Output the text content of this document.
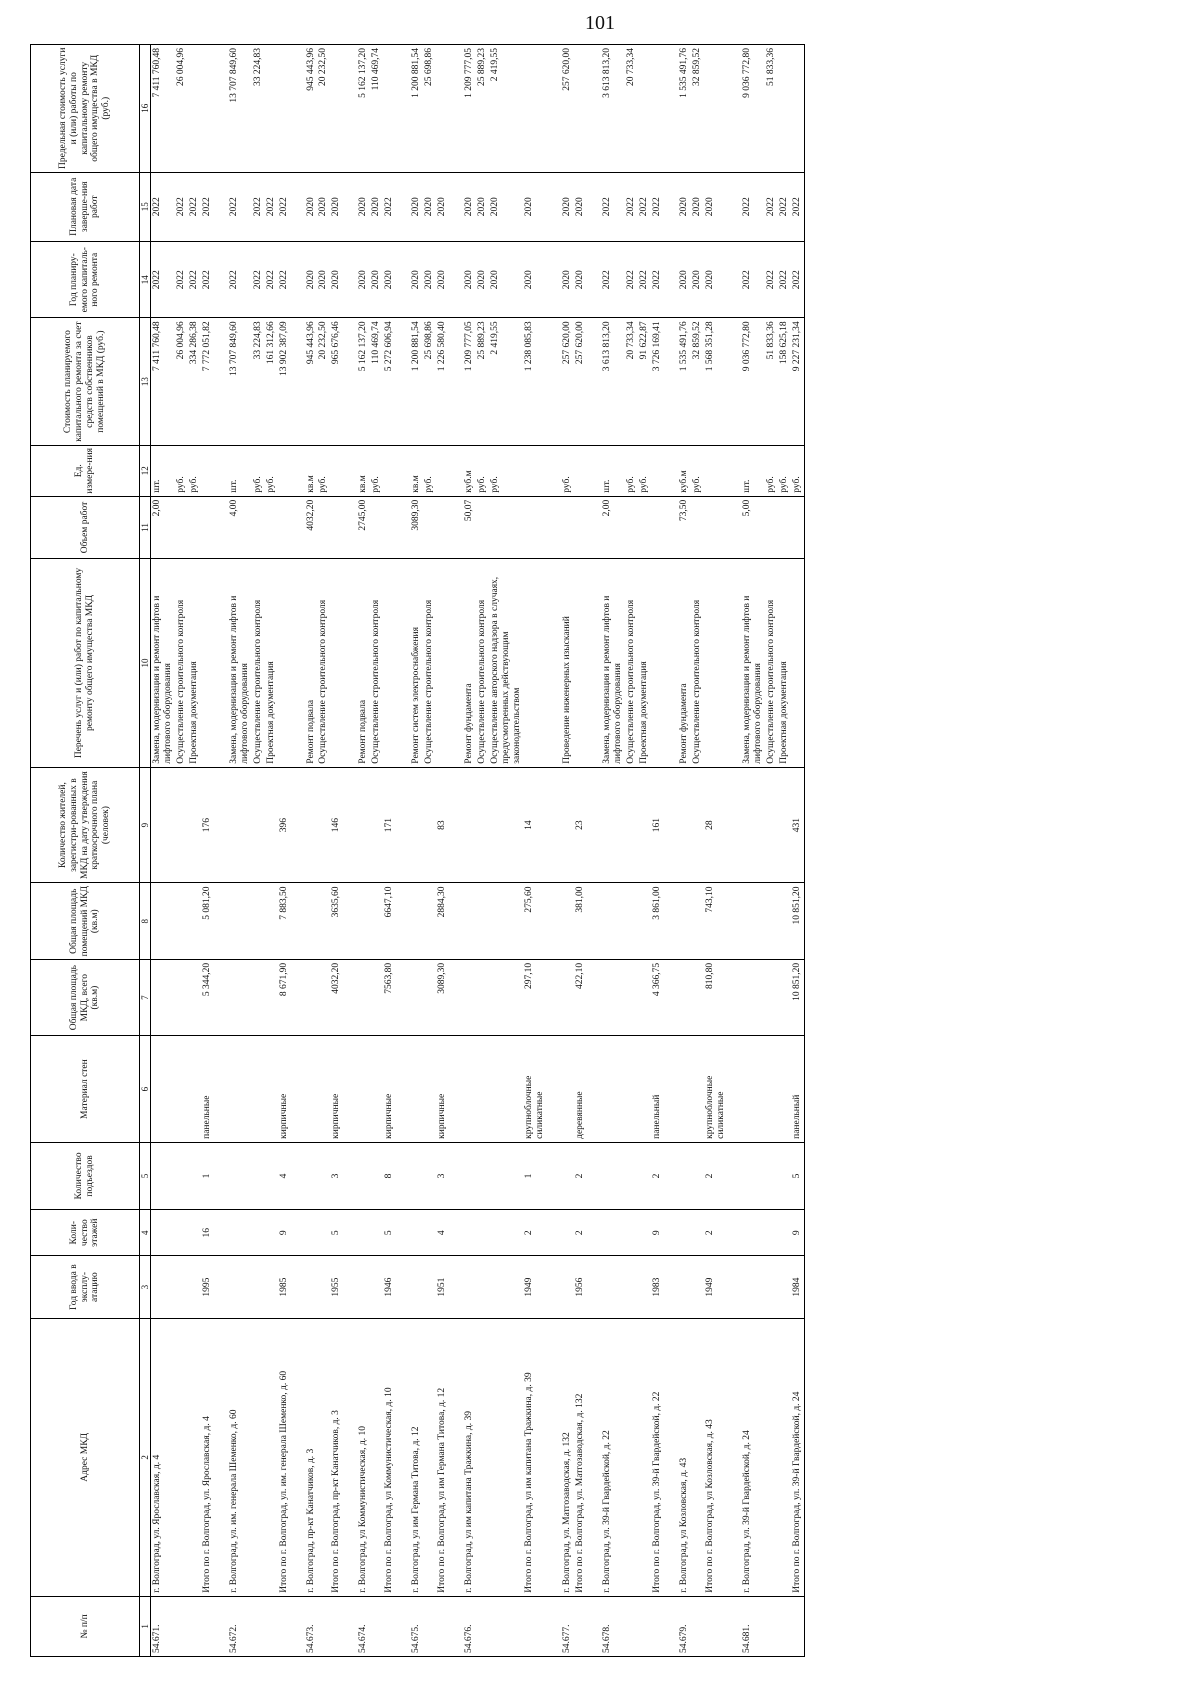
101
№ п/п	Адрес МКД	Год ввода в эксплу-атацию	Коли-чество этажей	Количество подъездов	Материал стен	Общая площадь МКД, всего (кв.м)	Общая площадь помещений МКД (кв.м)	Количество жителей, зарегистри-рованных в МКД на дату утверждения краткосрочного плана (человек)	Перечень услуг и (или) работ по капитальному ремонту общего имущества МКД	Объем работ	Ед. измере-ния	Стоимость планируемого капитального ремонта за счет средств собственников помещений в МКД (руб.)	Год планиру-емого капиталь-ного ремонта	Плановая дата заверше-ния работ	Предельная стоимость услуги и (или) работы по капитальному ремонту общего имущества в МКД (руб.)
1	2	3	4	5	6	7	8	9	10	11	12	13	14	15	16
54.671.	г. Волгоград, ул. Ярославская, д. 4								Замена, модернизация и ремонт лифтов и лифтового оборудования	2,00	шт.	7 411 760,48	2022	2022	7 411 760,48
									Осуществление строительного контроля		руб.	26 004,96	2022	2022	26 004,96
									Проектная документация		руб.	334 286,38	2022	2022	
	Итого по г. Волгоград, ул. Ярославская, д. 4	1995	16	1	панельные	5 344,20	5 081,20	176				7 772 051,82	2022	2022	

54.672.	г. Волгоград, ул. им. генерала Шеменко, д. 60								Замена, модернизация и ремонт лифтов и лифтового оборудования	4,00	шт.	13 707 849,60	2022	2022	13 707 849,60
									Осуществление строительного контроля		руб.	33 224,83	2022	2022	33 224,83
									Проектная документация		руб.	161 312,66	2022	2022	
	Итого по г. Волгоград, ул. им. генерала Шеменко, д. 60	1985	9	4	кирпичные	8 671,90	7 883,50	396				13 902 387,09	2022	2022	

54.673.	г. Волгоград, пр-кт Канатчиков, д. 3								Ремонт подвала	4032,20	кв.м	945 443,96	2020	2020	945 443,96
									Осуществление строительного контроля		руб.	20 232,50	2020	2020	20 232,50
	Итого по г. Волгоград, пр-кт Канатчиков, д. 3	1955	5	3	кирпичные	4032,20	3635,60	146				965 676,46	2020	2020	

54.674.	г. Волгоград, ул Коммунистическая, д. 10								Ремонт подвала	2745,00	кв.м	5 162 137,20	2020	2020	5 162 137,20
									Осуществление строительного контроля		руб.	110 469,74	2020	2020	110 469,74
	Итого по г. Волгоград, ул Коммунистическая, д. 10	1946	5	8	кирпичные	7563,80	6647,10	171				5 272 606,94	2020	2022	

54.675.	г. Волгоград, ул им Германа Титова, д. 12								Ремонт систем электроснабжения	3089,30	кв.м	1 200 881,54	2020	2020	1 200 881,54
									Осуществление строительного контроля		руб.	25 698,86	2020	2020	25 698,86
	Итого по г. Волгоград, ул им Германа Титова, д. 12	1951	4	3	кирпичные	3089,30	2884,30	83				1 226 580,40	2020	2020	

54.676.	г. Волгоград, ул им капитана Тражкина, д. 39								Ремонт фундамента	50,07	куб.м	1 209 777,05	2020	2020	1 209 777,05
									Осуществление строительного контроля		руб.	25 889,23	2020	2020	25 889,23
									Осуществление авторского надзора в случаях, предусмотренных действующим законодательством		руб.	2 419,55	2020	2020	2 419,55
	Итого по г. Волгоград, ул им капитана Тражкина, д. 39	1949	2	1	крупноблочные силикатные	297,10	275,60	14				1 238 085,83	2020	2020	

54.677.	г. Волгоград, ул. Матгозаводская, д. 132								Проведение инженерных изысканий		руб.	257 620,00	2020	2020	257 620,00
	Итого по г. Волгоград, ул. Матгозаводская, д. 132	1956	2	2	деревянные	422,10	381,00	23				257 620,00	2020	2020	

54.678.	г. Волгоград, ул. 39-й Гвардейской, д. 22								Замена, модернизация и ремонт лифтов и лифтового оборудования	2,00	шт.	3 613 813,20	2022	2022	3 613 813,20
									Осуществление строительного контроля		руб.	20 733,34	2022	2022	20 733,34
									Проектная документация		руб.	91 622,87	2022	2022	
	Итого по г. Волгоград, ул. 39-й Гвардейской, д. 22	1983	9	2	панельный	4 366,75	3 861,00	161				3 726 169,41	2022	2022	

54.679.	г. Волгоград, ул Козловская, д. 43								Ремонт фундамента	73,50	куб.м	1 535 491,76	2020	2020	1 535 491,76
									Осуществление строительного контроля		руб.	32 859,52	2020	2020	32 859,52
	Итого по г. Волгоград, ул Козловская, д. 43	1949	2	2	крупноблочные силикатные	810,80	743,10	28				1 568 351,28	2020	2020	

54.681.	г. Волгоград, ул. 39-й Гвардейской, д. 24								Замена, модернизация и ремонт лифтов и лифтового оборудования	5,00	шт.	9 036 772,80	2022	2022	9 036 772,80
									Осуществление строительного контроля		руб.	51 833,36	2022	2022	51 833,36
									Проектная документация		руб.	158 625,18	2022	2022	
	Итого по г. Волгоград, ул. 39-й Гвардейской, д. 24	1984	9	5	панельный	10 851,20	10 851,20	431			руб.	9 227 231,34	2022	2022	
